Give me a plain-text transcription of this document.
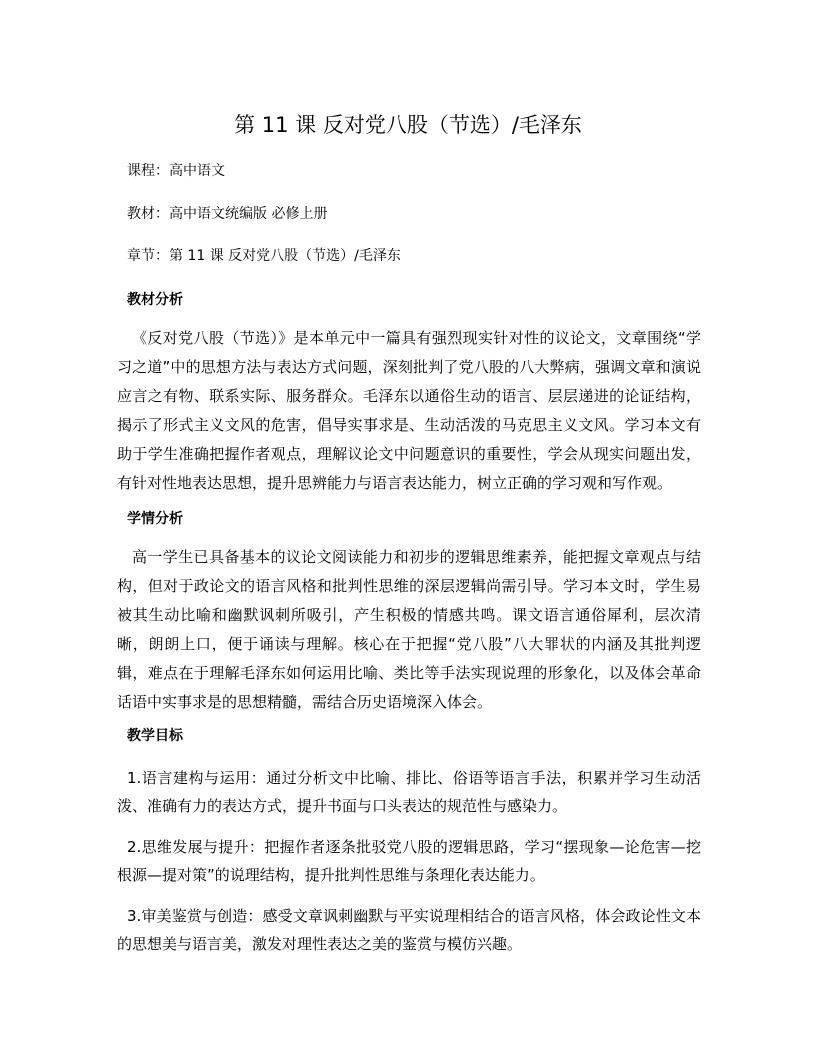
第 11 课 反对党八股（节选）/毛泽东
课程：高中语文
教材：高中语文统编版 必修上册
章节：第 11 课 反对党八股（节选）/毛泽东
教材分析
《反对党八股（节选）》是本单元中一篇具有强烈现实针对性的议论文，文章围绕“学习之道”中的思想方法与表达方式问题，深刻批判了党八股的八大弊病，强调文章和演说应言之有物、联系实际、服务群众。毛泽东以通俗生动的语言、层层递进的论证结构，揭示了形式主义文风的危害，倡导实事求是、生动活泼的马克思主义文风。学习本文有助于学生准确把握作者观点，理解议论文中问题意识的重要性，学会从现实问题出发，有针对性地表达思想，提升思辨能力与语言表达能力，树立正确的学习观和写作观。
学情分析
高一学生已具备基本的议论文阅读能力和初步的逻辑思维素养，能把握文章观点与结构，但对于政论文的语言风格和批判性思维的深层逻辑尚需引导。学习本文时，学生易被其生动比喻和幽默讽刺所吸引，产生积极的情感共鸣。课文语言通俗犀利，层次清晰，朗朗上口，便于诵读与理解。核心在于把握“党八股”八大罪状的内涵及其批判逻辑，难点在于理解毛泽东如何运用比喻、类比等手法实现说理的形象化，以及体会革命话语中实事求是的思想精髓，需结合历史语境深入体会。
教学目标
1.语言建构与运用：通过分析文中比喻、排比、俗语等语言手法，积累并学习生动活泼、准确有力的表达方式，提升书面与口头表达的规范性与感染力。
2.思维发展与提升：把握作者逐条批驳党八股的逻辑思路，学习“摆现象—论危害—挖根源—提对策”的说理结构，提升批判性思维与条理化表达能力。
3.审美鉴赏与创造：感受文章讽刺幽默与平实说理相结合的语言风格，体会政论性文本的思想美与语言美，激发对理性表达之美的鉴赏与模仿兴趣。
